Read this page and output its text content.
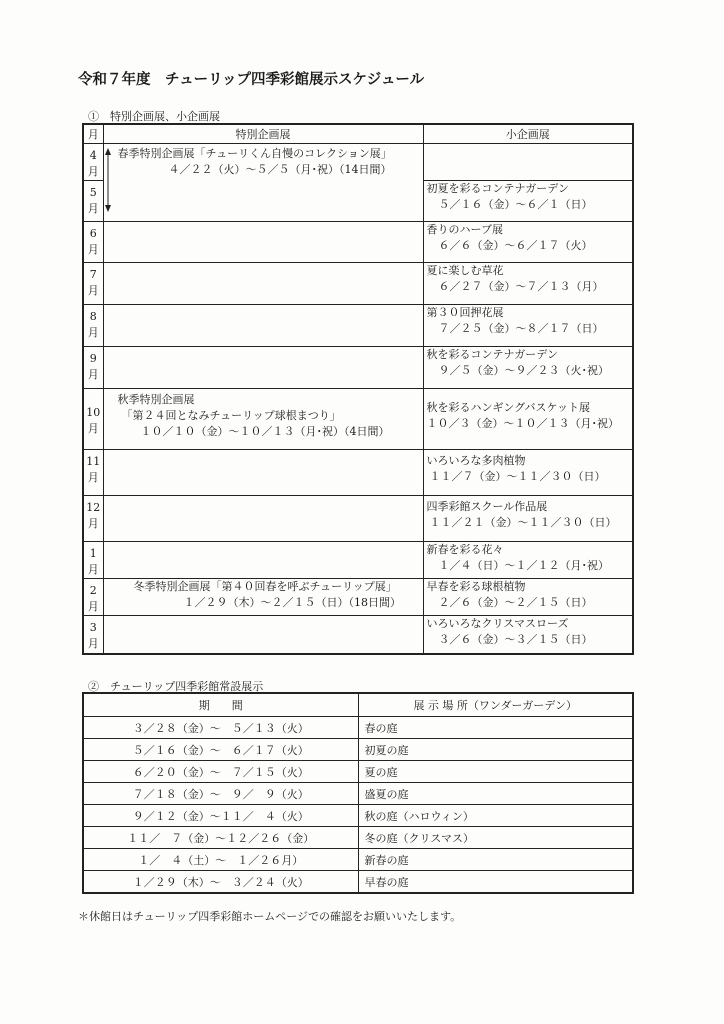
令和７年度　チューリップ四季彩館展示スケジュール
①　特別企画展、小企画展
月	特別企画展	小企画展

4
月	春季特別企画展「チューリくん自慢のコレクション展」
　４／２２（火）～５／５（月･祝）（14日間）	

5
月		初夏を彩るコンテナガーデン
５／１６（金）～６／１（日）

6
月		香りのハーブ展
６／６（金）～６／１７（火）

7
月		夏に楽しむ草花
６／２７（金）～７／１３（月）

8
月		第３０回押花展
７／２５（金）～８／１７（日）

9
月		秋を彩るコンテナガーデン
９／５（金）～９／２３（火･祝）

10
月	秋季特別企画展
「第２４回となみチューリップ球根まつり」
　１０／１０（金）～１０／１３（月･祝）（4日間）	秋を彩るハンギングバスケット展
１０／３（金）～１０／１３（月･祝）

11
月		いろいろな多肉植物
１１／７（金）～１１／３０（日）

12
月		四季彩館スクール作品展
１１／２１（金）～１１／３０（日）

1
月		新春を彩る花々
１／４（日）～１／１２（月･祝）

2
月	冬季特別企画展「第４０回春を呼ぶチューリップ展」
１／２９（木）～２／１５（日）（18日間）	早春を彩る球根植物
２／６（金）～２／１５（日）

3
月		いろいろなクリスマスローズ
３／６（金）～３／１５（日）
②　チューリップ四季彩館常設展示
期　　間	展 示 場 所（ワンダーガーデン）
３／２８（金）～　５／１３（火）	春の庭
５／１６（金）～　６／１７（火）	初夏の庭
６／２０（金）～　７／１５（火）	夏の庭
７／１８（金）～　９／　９（火）	盛夏の庭
９／１２（金）～１１／　４（火）	秋の庭（ハロウィン）
１１／　７（金）～１２／２６（金）	冬の庭（クリスマス）
１／　４（土）～　１／２６月）	新春の庭
１／２９（木）～　３／２４（火）	早春の庭
＊休館日はチューリップ四季彩館ホームページでの確認をお願いいたします。
